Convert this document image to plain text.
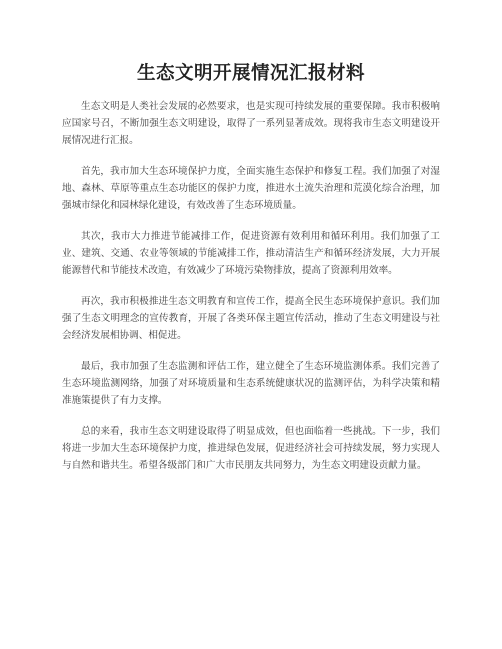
生态文明开展情况汇报材料

生态文明是人类社会发展的必然要求，也是实现可持续发展的重要保障。我市积极响应国家号召，不断加强生态文明建设，取得了一系列显著成效。现将我市生态文明建设开展情况进行汇报。

首先，我市加大生态环境保护力度，全面实施生态保护和修复工程。我们加强了对湿地、森林、草原等重点生态功能区的保护力度，推进水土流失治理和荒漠化综合治理，加强城市绿化和园林绿化建设，有效改善了生态环境质量。

其次，我市大力推进节能减排工作，促进资源有效利用和循环利用。我们加强了工业、建筑、交通、农业等领域的节能减排工作，推动清洁生产和循环经济发展，大力开展能源替代和节能技术改造，有效减少了环境污染物排放，提高了资源利用效率。

再次，我市积极推进生态文明教育和宣传工作，提高全民生态环境保护意识。我们加强了生态文明理念的宣传教育，开展了各类环保主题宣传活动，推动了生态文明建设与社会经济发展相协调、相促进。

最后，我市加强了生态监测和评估工作，建立健全了生态环境监测体系。我们完善了生态环境监测网络，加强了对环境质量和生态系统健康状况的监测评估，为科学决策和精准施策提供了有力支撑。

总的来看，我市生态文明建设取得了明显成效，但也面临着一些挑战。下一步，我们将进一步加大生态环境保护力度，推进绿色发展，促进经济社会可持续发展，努力实现人与自然和谐共生。希望各级部门和广大市民朋友共同努力，为生态文明建设贡献力量。
